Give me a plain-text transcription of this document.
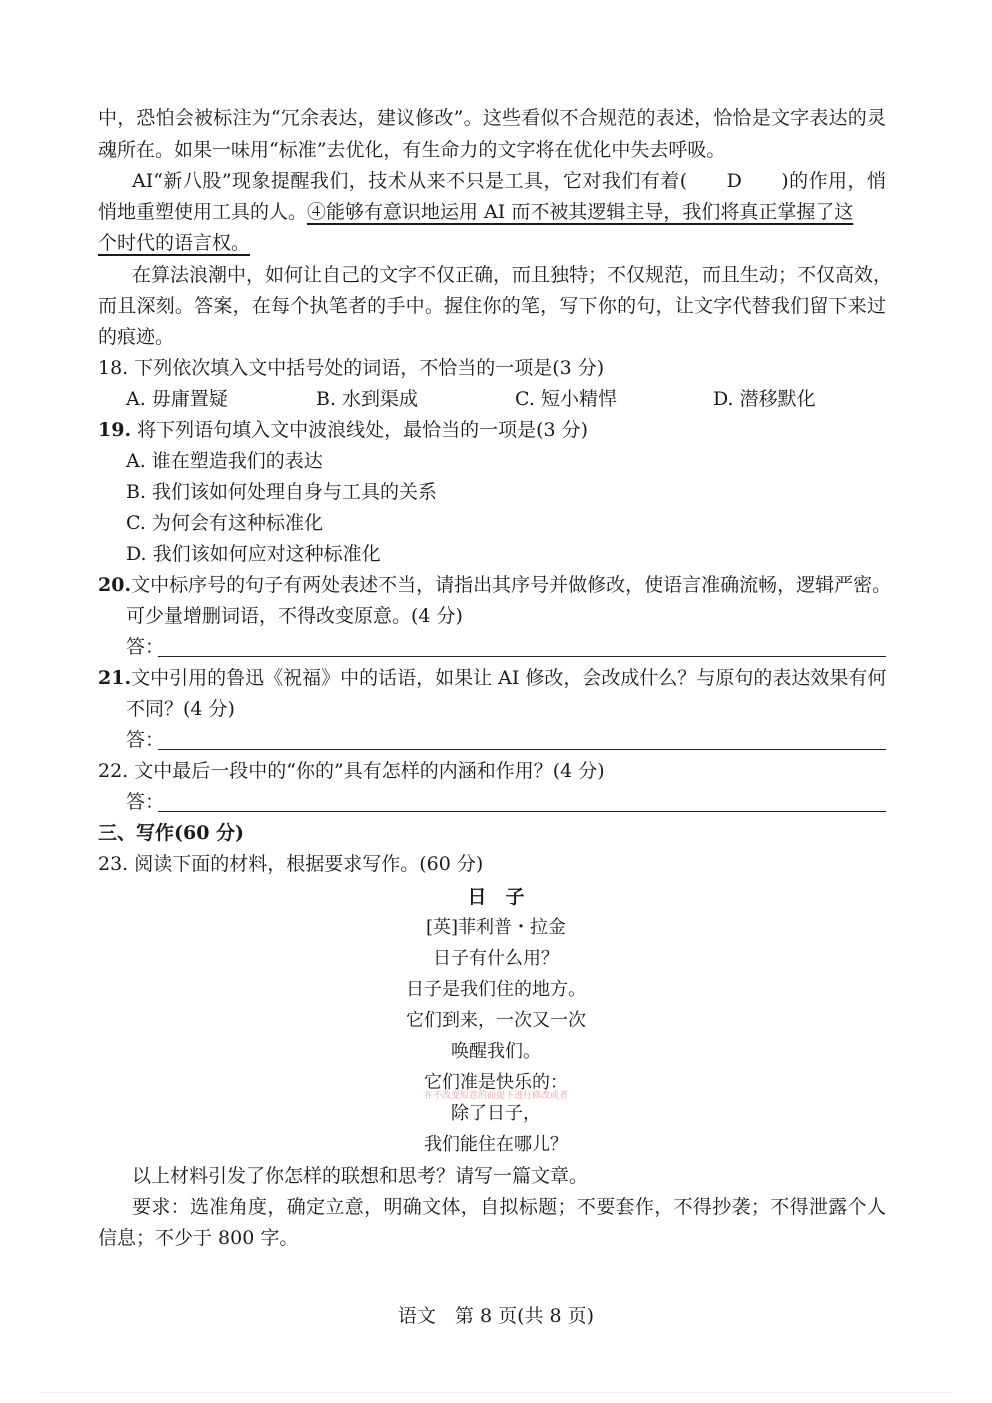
中，恐怕会被标注为“冗余表达，建议修改”。这些看似不合规范的表述，恰恰是文字表达的灵
魂所在。如果一味用“标准”去优化，有生命力的文字将在优化中失去呼吸。
AI“新八股”现象提醒我们，技术从来不只是工具，它对我们有着(　　D　　)的作用，悄
悄地重塑使用工具的人。④能够有意识地运用 AI 而不被其逻辑主导，我们将真正掌握了这
个时代的语言权。
在算法浪潮中，如何让自己的文字不仅正确，而且独特；不仅规范，而且生动；不仅高效，
而且深刻。答案，在每个执笔者的手中。握住你的笔，写下你的句，让文字代替我们留下来过
的痕迹。
18. 下列依次填入文中括号处的词语，不恰当的一项是(3 分)
A. 毋庸置疑	B. 水到渠成	C. 短小精悍	D. 潜移默化
19. 将下列语句填入文中波浪线处，最恰当的一项是(3 分)
A. 谁在塑造我们的表达
B. 我们该如何处理自身与工具的关系
C. 为何会有这种标准化
D. 我们该如何应对这种标准化
20.文中标序号的句子有两处表述不当，请指出其序号并做修改，使语言准确流畅，逻辑严密。
可少量增删词语，不得改变原意。(4 分)
答：
21.文中引用的鲁迅《祝福》中的话语，如果让 AI 修改，会改成什么？与原句的表达效果有何
不同？(4 分)
答：
22. 文中最后一段中的“你的”具有怎样的内涵和作用？(4 分)
答：
三、写作(60 分)
23. 阅读下面的材料，根据要求写作。(60 分)
日　子
[英]菲利普・拉金
日子有什么用？
日子是我们住的地方。
它们到来，一次又一次
唤醒我们。
它们准是快乐的：
在不改变原意的前提下进行修改或者
除了日子，
我们能住在哪儿？
以上材料引发了你怎样的联想和思考？请写一篇文章。
要求：选准角度，确定立意，明确文体，自拟标题；不要套作，不得抄袭；不得泄露个人
信息；不少于 800 字。
语文　第 8 页(共 8 页)
